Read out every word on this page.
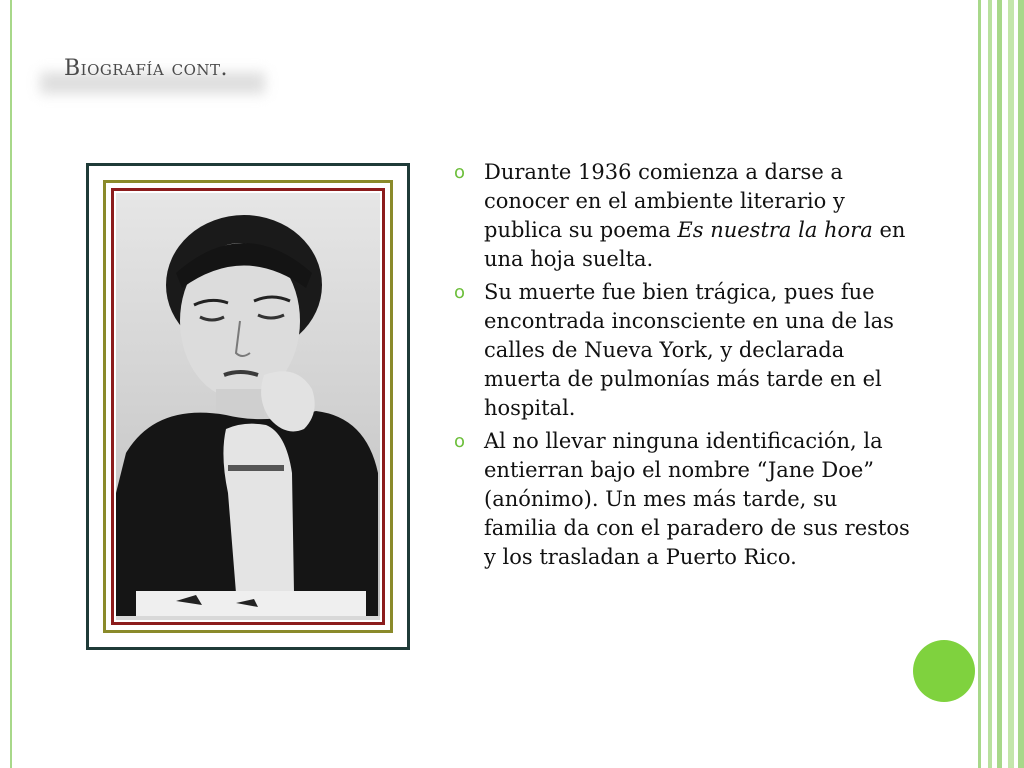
Biografía cont.
o Durante 1936 comienza a darse a conocer en el ambiente literario y publica su poema Es nuestra la hora en una hoja suelta.
o Su muerte fue bien trágica, pues fue encontrada inconsciente en una de las calles de Nueva York, y declarada muerta de pulmonías más tarde en el hospital.
o Al no llevar ninguna identificación, la entierran bajo el nombre “Jane Doe” (anónimo). Un mes más tarde, su familia da con el paradero de sus restos y los trasladan a Puerto Rico.
